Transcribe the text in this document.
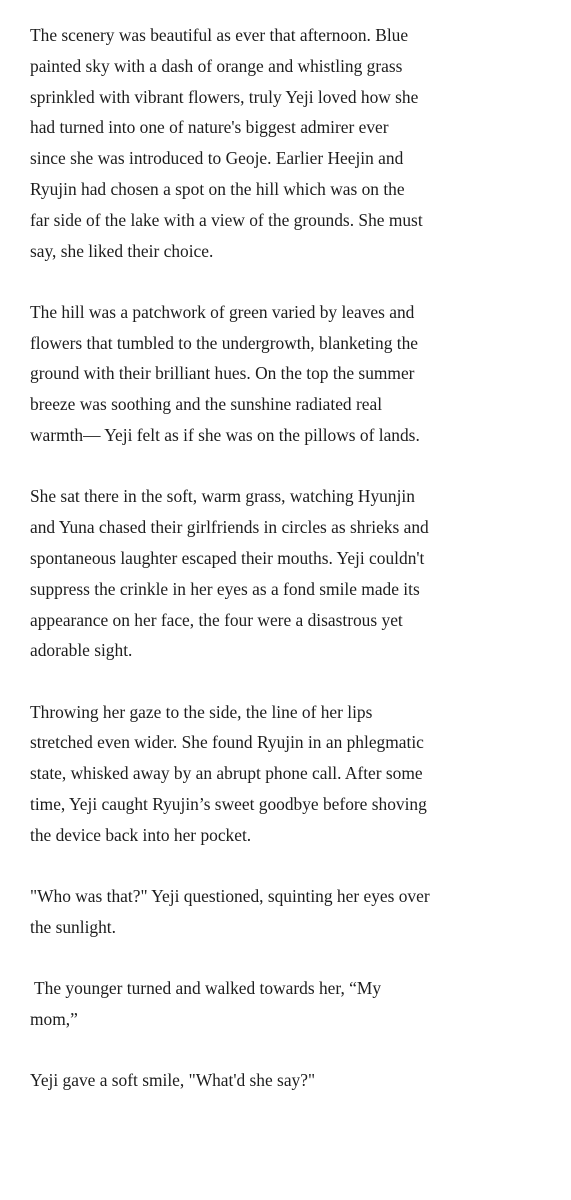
The scenery was beautiful as ever that afternoon. Blue
painted sky with a dash of orange and whistling grass
sprinkled with vibrant flowers, truly Yeji loved how she
had turned into one of nature's biggest admirer ever
since she was introduced to Geoje. Earlier Heejin and
Ryujin had chosen a spot on the hill which was on the
far side of the lake with a view of the grounds. She must
say, she liked their choice.

The hill was a patchwork of green varied by leaves and
flowers that tumbled to the undergrowth, blanketing the
ground with their brilliant hues. On the top the summer
breeze was soothing and the sunshine radiated real
warmth— Yeji felt as if she was on the pillows of lands.

She sat there in the soft, warm grass, watching Hyunjin
and Yuna chased their girlfriends in circles as shrieks and
spontaneous laughter escaped their mouths. Yeji couldn't
suppress the crinkle in her eyes as a fond smile made its
appearance on her face, the four were a disastrous yet
adorable sight.

Throwing her gaze to the side, the line of her lips
stretched even wider. She found Ryujin in an phlegmatic
state, whisked away by an abrupt phone call. After some
time, Yeji caught Ryujin’s sweet goodbye before shoving
the device back into her pocket.

"Who was that?" Yeji questioned, squinting her eyes over
the sunlight.

The younger turned and walked towards her, “My
mom,”

Yeji gave a soft smile, "What'd she say?"
